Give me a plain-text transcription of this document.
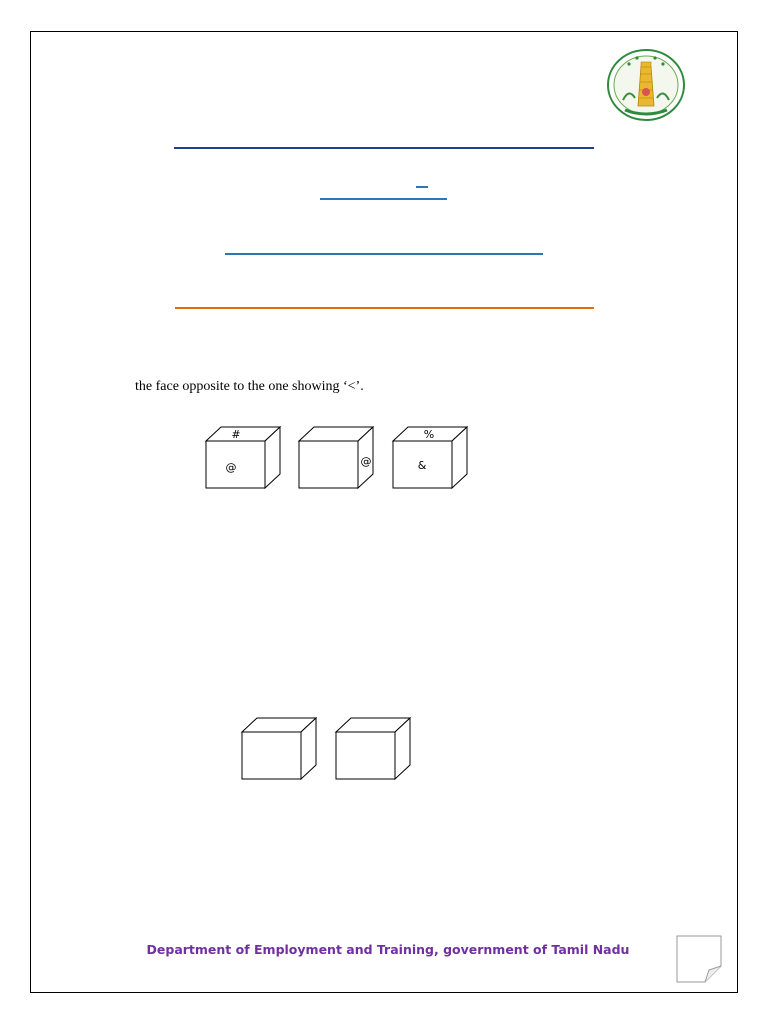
the face opposite to the one showing ‘<’.
#
@	@
%
&
Department of Employment and Training, government of Tamil Nadu
